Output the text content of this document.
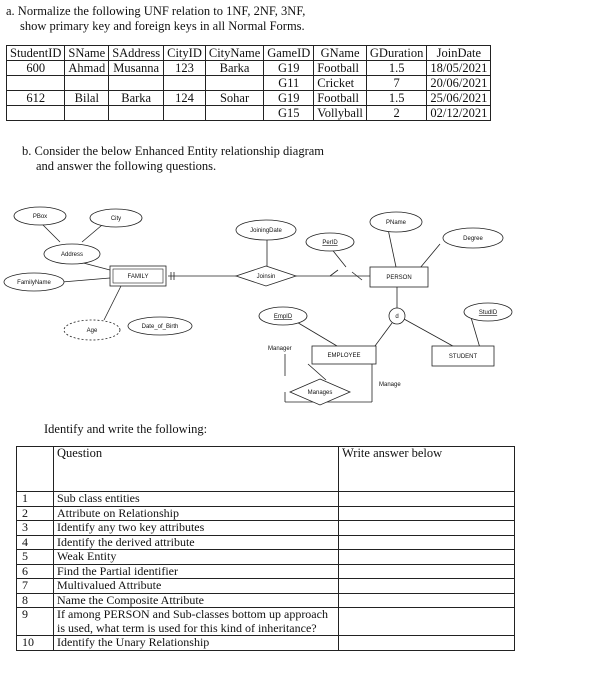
a. Normalize the following UNF relation to 1NF, 2NF, 3NF,
show primary key and foreign keys in all Normal Forms.
StudentID	SName	SAddress	CityID	CityName	GameID	GName	GDuration	JoinDate
600	Ahmad	Musanna	123	Barka	G19	Football	1.5	18/05/2021
					G11	Cricket	7	20/06/2021
612	Bilal	Barka	124	Sohar	G19	Football	1.5	25/06/2021
					G15	Vollyball	2	02/12/2021
b. Consider the below Enhanced Entity relationship diagram
and answer the following questions.
PBox	City
Address
FamilyName
Age
Date_of_Birth
JoiningDate
PerID
PName
Degree
EmpID
StudID
FAMILY	PERSON
EMPLOYEE	STUDENT
Joinsin
Manages
d
Manager
Manage
Identify and write the following:
	Question	Write answer below
1	Sub class entities	
2	Attribute on Relationship	
3	Identify any two key attributes	
4	Identify the derived attribute	
5	Weak Entity	
6	Find the Partial identifier	
7	Multivalued Attribute	
8	Name the Composite Attribute	
9	If among PERSON and Sub-classes bottom up approach is used, what term is used for this kind of inheritance?	
10	Identify the Unary Relationship	
